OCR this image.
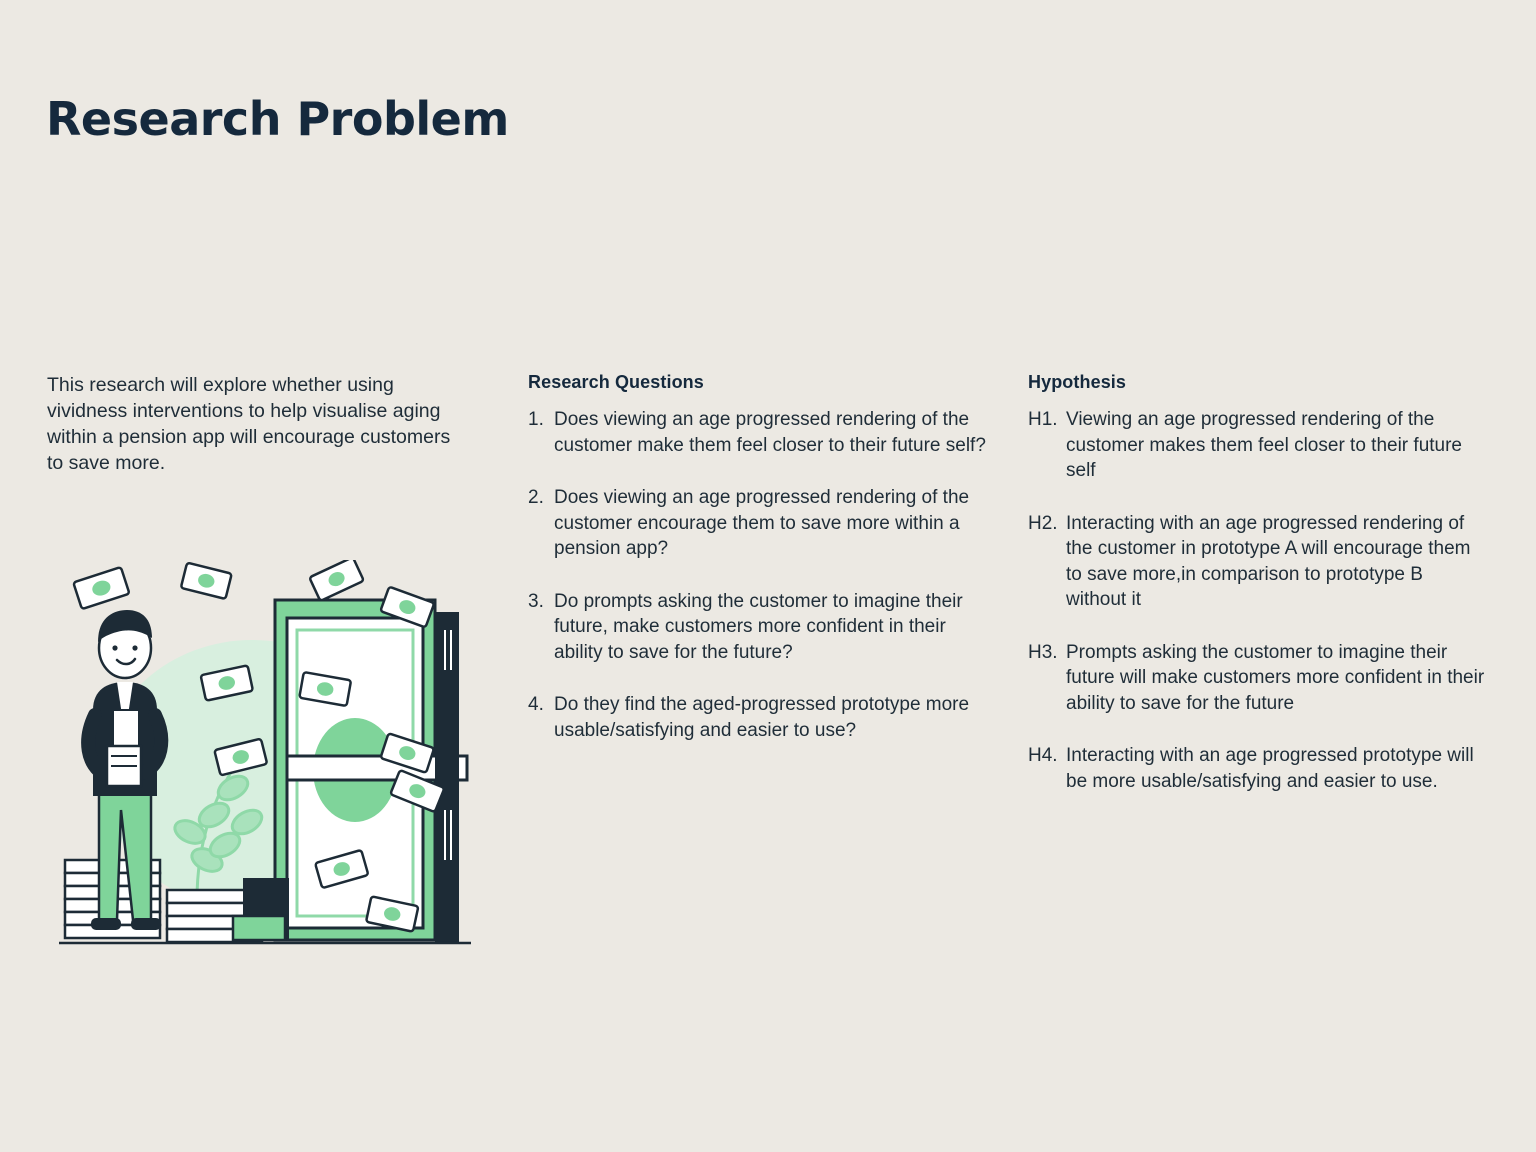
Research Problem
This research will explore whether using vividness interventions to help visualise aging within a pension app will encourage customers to save more.
Research Questions
1. Does viewing an age progressed rendering of the customer make them feel closer to their future self?
2. Does viewing an age progressed rendering of the customer encourage them to save more within a pension app?
3. Do prompts asking the customer to imagine their future, make customers more confident in their ability to save for the future?
4. Do they find the aged-progressed prototype more usable/satisfying and easier to use?
Hypothesis
H1. Viewing an age progressed rendering of the customer makes them feel closer to their future self
H2. Interacting with an age progressed rendering of the customer in prototype A will encourage them to save more,in comparison to prototype B without it
H3. Prompts asking the customer to imagine their future will make customers more confident in their ability to save for the future
H4. Interacting with an age progressed prototype will be more usable/satisfying and easier to use.
